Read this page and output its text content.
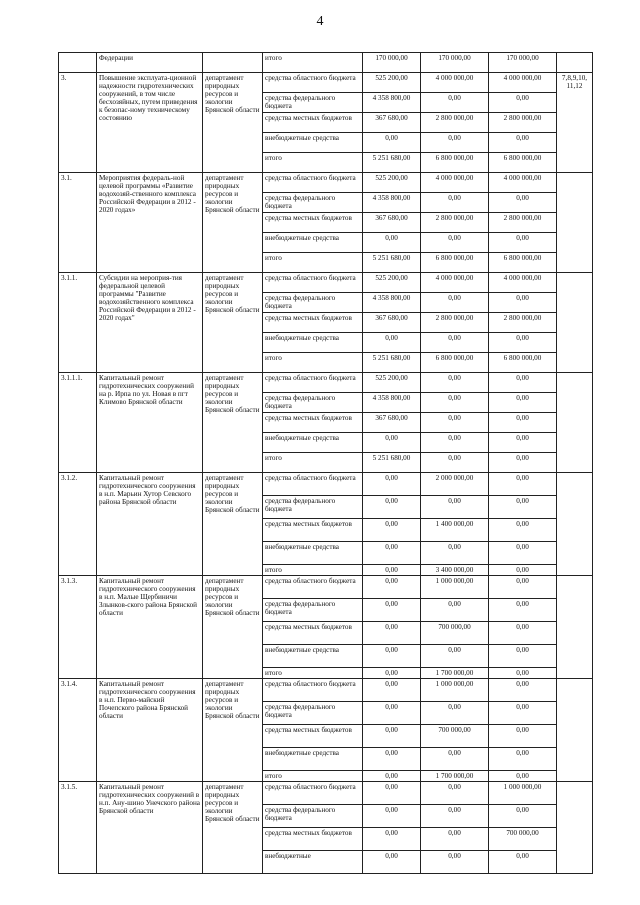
4
	Федерации		итого	170 000,00	170 000,00	170 000,00	
3.	Повышение эксплуата-ционной надежности гидротехнических сооружений, в том числе бесхозяйных, путем приведения к безопас-ному техническому состоянию	департамент природных ресурсов и экологии Брянской области	средства областного бюджета	525 200,00	4 000 000,00	4 000 000,00	7,8,9,10, 11,12
			средства федерального бюджета	4 358 800,00	0,00	0,00	
			средства местных бюджетов	367 680,00	2 800 000,00	2 800 000,00	
			внебюджетные средства	0,00	0,00	0,00	
			итого	5 251 680,00	6 800 000,00	6 800 000,00	
3.1.	Мероприятия федераль-ной целевой программы «Развитие водохозяй-ственного комплекса Российской Федерации в 2012 - 2020 годах»	департамент природных ресурсов и экологии Брянской области	средства областного бюджета	525 200,00	4 000 000,00	4 000 000,00	
			средства федерального бюджета	4 358 800,00	0,00	0,00	
			средства местных бюджетов	367 680,00	2 800 000,00	2 800 000,00	
			внебюджетные средства	0,00	0,00	0,00	
			итого	5 251 680,00	6 800 000,00	6 800 000,00	
3.1.1.	Субсидии на мероприя-тия федеральной целевой программы "Развитие водохозяйственного комплекса Российской Федерации в 2012 - 2020 годах"	департамент природных ресурсов и экологии Брянской области	средства областного бюджета	525 200,00	4 000 000,00	4 000 000,00	
			средства федерального бюджета	4 358 800,00	0,00	0,00	
			средства местных бюджетов	367 680,00	2 800 000,00	2 800 000,00	
			внебюджетные средства	0,00	0,00	0,00	
			итого	5 251 680,00	6 800 000,00	6 800 000,00	
3.1.1.1.	Капитальный ремонт гидротехнических сооружений на р. Ирпа по ул. Новая в пгт Климово Брянской области	департамент природных ресурсов и экологии Брянской области	средства областного бюджета	525 200,00	0,00	0,00	
			средства федерального бюджета	4 358 800,00	0,00	0,00	
			средства местных бюджетов	367 680,00	0,00	0,00	
			внебюджетные средства	0,00	0,00	0,00	
			итого	5 251 680,00	0,00	0,00	
3.1.2.	Капитальный ремонт гидротехнического сооружения в н.п. Марьин Хутор Севского района Брянской области	департамент природных ресурсов и экологии Брянской области	средства областного бюджета	0,00	2 000 000,00	0,00	
			средства федерального бюджета	0,00	0,00	0,00	
			средства местных бюджетов	0,00	1 400 000,00	0,00	
			внебюджетные средства	0,00	0,00	0,00	
			итого	0,00	3 400 000,00	0,00	
3.1.3.	Капитальный ремонт гидротехнического сооружения в н.п. Малые Щербиничи Злынков-ского района Брянской области	департамент природных ресурсов и экологии Брянской области	средства областного бюджета	0,00	1 000 000,00	0,00	
			средства федерального бюджета	0,00	0,00	0,00	
			средства местных бюджетов	0,00	700 000,00	0,00	
			внебюджетные средства	0,00	0,00	0,00	
			итого	0,00	1 700 000,00	0,00	
3.1.4.	Капитальный ремонт гидротехнического сооружения в н.п. Перво-майский Почепского района Брянской области	департамент природных ресурсов и экологии Брянской области	средства областного бюджета	0,00	1 000 000,00	0,00	
			средства федерального бюджета	0,00	0,00	0,00	
			средства местных бюджетов	0,00	700 000,00	0,00	
			внебюджетные средства	0,00	0,00	0,00	
			итого	0,00	1 700 000,00	0,00	
3.1.5.	Капитальный ремонт гидротехнических сооружений в н.п. Ану-шино Унечского района Брянской области	департамент природных ресурсов и экологии Брянской области	средства областного бюджета	0,00	0,00	1 000 000,00	
			средства федерального бюджета	0,00	0,00	0,00	
			средства местных бюджетов	0,00	0,00	700 000,00	
			внебюджетные	0,00	0,00	0,00	
